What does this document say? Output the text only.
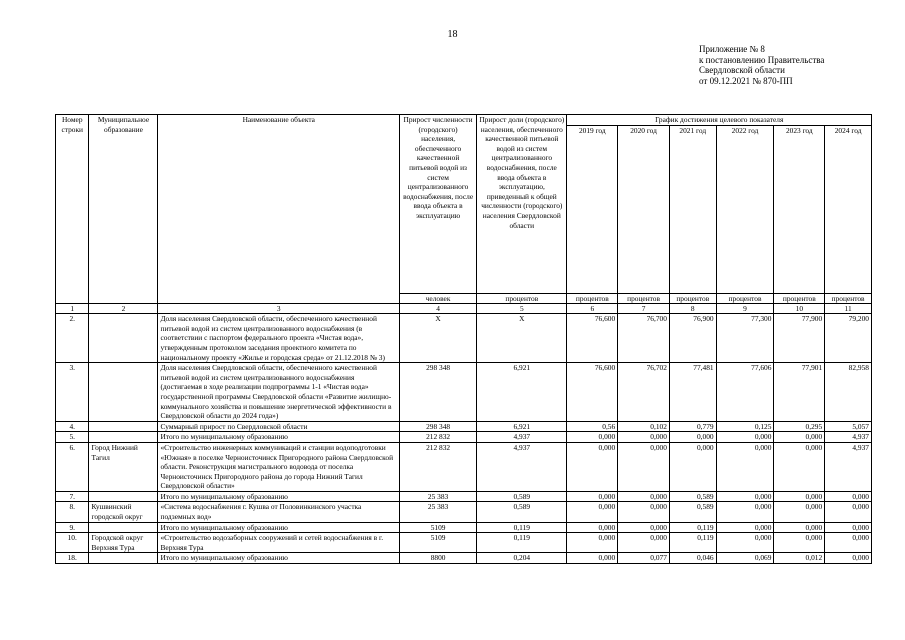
18
Приложение № 8
к постановлению Правительства
Свердловской области
от 09.12.2021 № 870-ПП
Номер строки	Муниципальное образование	Наименование объекта	Прирост численности (городского) населения, обеспеченного качественной питьевой водой из систем централизованного водоснабжения, после ввода объекта в эксплуатацию	Прирост доли (городского) населения, обеспеченного качественной питьевой водой из систем централизованного водоснабжения, после ввода объекта в эксплуатацию, приведенный к общей численности (городского) населения Свердловской области	График достижения целевого показателя					
					2019 год	2020 год	2021 год	2022 год	2023 год	2024 год
			человек	процентов	процентов	процентов	процентов	процентов	процентов	процентов
1	2	3	4	5	6	7	8	9	10	11
2.		Доля населения Свердловской области, обеспеченного качественной питьевой водой из систем централизованного водоснабжения (в соответствии с паспортом федерального проекта «Чистая вода», утвержденным протоколом заседания проектного комитета по национальному проекту «Жилье и городская среда» от 21.12.2018 № 3)	X	X	76,600	76,700	76,900	77,300	77,900	79,200
3.		Доля населения Свердловской области, обеспеченного качественной питьевой водой из систем централизованного водоснабжения (достигаемая в ходе реализации подпрограммы 1-1 «Чистая вода» государственной программы Свердловской области «Развитие жилищно-коммунального хозяйства и повышение энергетической эффективности в Свердловской области до 2024 года»)	298 348	6,921	76,600	76,702	77,481	77,606	77,901	82,958
4.		Суммарный прирост по Свердловской области	298 348	6,921	0,56	0,102	0,779	0,125	0,295	5,057
5.		Итого по муниципальному образованию	212 832	4,937	0,000	0,000	0,000	0,000	0,000	4,937
6.	Город Нижний Тагил	«Строительство инженерных коммуникаций и станции водоподготовки «Южная» в поселке Черноисточинск Пригородного района Свердловской области. Реконструкция магистрального водовода от поселка Черноисточинск Пригородного района до города Нижний Тагил Свердловской области»	212 832	4,937	0,000	0,000	0,000	0,000	0,000	4,937
7.		Итого по муниципальному образованию	25 383	0,589	0,000	0,000	0,589	0,000	0,000	0,000
8.	Кушвинский городской округ	«Система водоснабжения г. Кушва от Половинкинского участка подземных вод»	25 383	0,589	0,000	0,000	0,589	0,000	0,000	0,000
9.		Итого по муниципальному образованию	5109	0,119	0,000	0,000	0,119	0,000	0,000	0,000
10.	Городской округ Верхняя Тура	«Строительство водозаборных сооружений и сетей водоснабжения в г. Верхняя Тура	5109	0,119	0,000	0,000	0,119	0,000	0,000	0,000
18.		Итого по муниципальному образованию	8800	0,204	0,000	0,077	0,046	0,069	0,012	0,000
